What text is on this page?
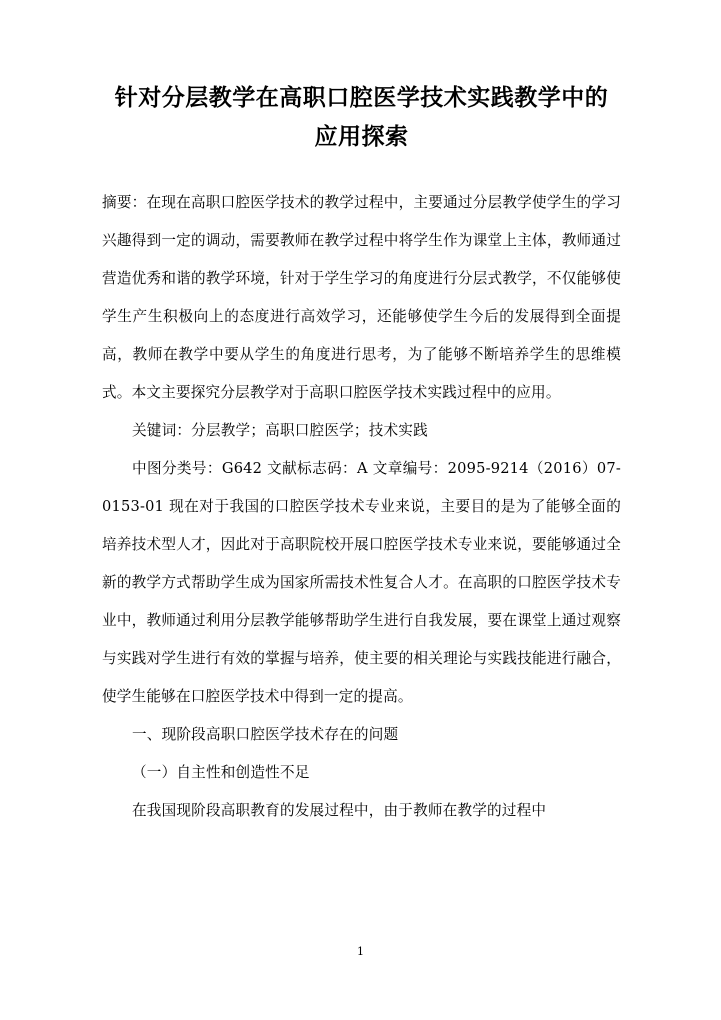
针对分层教学在高职口腔医学技术实践教学中的应用探索

摘要：在现在高职口腔医学技术的教学过程中，主要通过分层教学使学生的学习兴趣得到一定的调动，需要教师在教学过程中将学生作为课堂上主体，教师通过营造优秀和谐的教学环境，针对于学生学习的角度进行分层式教学，不仅能够使学生产生积极向上的态度进行高效学习，还能够使学生今后的发展得到全面提高，教师在教学中要从学生的角度进行思考，为了能够不断培养学生的思维模式。本文主要探究分层教学对于高职口腔医学技术实践过程中的应用。

关键词：分层教学；高职口腔医学；技术实践

中图分类号：G642 文献标志码：A 文章编号：2095-9214（2016）07-0153-01 现在对于我国的口腔医学技术专业来说，主要目的是为了能够全面的培养技术型人才，因此对于高职院校开展口腔医学技术专业来说，要能够通过全新的教学方式帮助学生成为国家所需技术性复合人才。在高职的口腔医学技术专业中，教师通过利用分层教学能够帮助学生进行自我发展，要在课堂上通过观察与实践对学生进行有效的掌握与培养，使主要的相关理论与实践技能进行融合，使学生能够在口腔医学技术中得到一定的提高。

一、现阶段高职口腔医学技术存在的问题

（一）自主性和创造性不足

在我国现阶段高职教育的发展过程中，由于教师在教学的过程中

1
